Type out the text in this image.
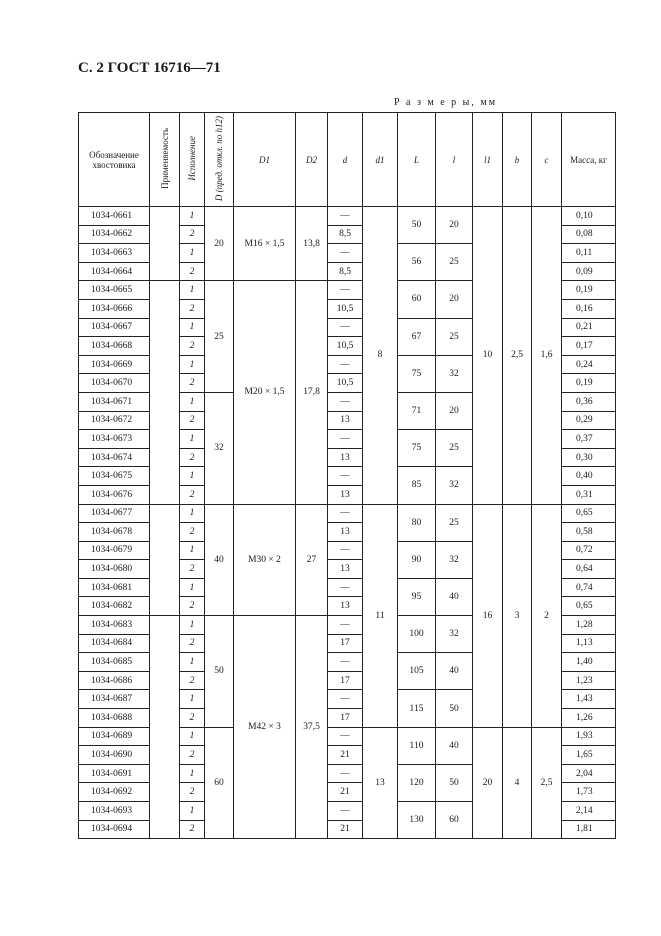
С. 2 ГОСТ 16716—71
Р а з м е р ы, мм
Обозначение хвостовика	Применяемость	Исполнение	D (пред. откл. по h12)	D1	D2	d	d1	L	l	l1	b	c	Масса, кг
1034-0661		1	20	M16 × 1,5	13,8	—	8	50	20	10	2,5	1,6	0,10
1034-0662		2				8,5							0,08
1034-0663		1				—		56	25				0,11
1034-0664		2				8,5							0,09
1034-0665		1	25	M20 × 1,5	17,8	—		60	20				0,19
1034-0666		2				10,5							0,16
1034-0667		1				—		67	25				0,21
1034-0668		2				10,5							0,17
1034-0669		1				—		75	32				0,24
1034-0670		2				10,5							0,19
1034-0671		1	32			—		71	20				0,36
1034-0672		2				13							0,29
1034-0673		1				—		75	25				0,37
1034-0674		2				13							0,30
1034-0675		1				—		85	32				0,40
1034-0676		2				13							0,31
1034-0677		1	40	M30 × 2	27	—	11	80	25	16	3	2	0,65
1034-0678		2				13							0,58
1034-0679		1				—		90	32				0,72
1034-0680		2				13							0,64
1034-0681		1				—		95	40				0,74
1034-0682		2				13							0,65
1034-0683		1	50	M42 × 3	37,5	—		100	32				1,28
1034-0684		2				17							1,13
1034-0685		1				—		105	40				1,40
1034-0686		2				17							1,23
1034-0687		1				—		115	50				1,43
1034-0688		2				17							1,26
1034-0689		1	60			—	13	110	40	20	4	2,5	1,93
1034-0690		2				21							1,65
1034-0691		1				—		120	50				2,04
1034-0692		2				21							1,73
1034-0693		1				—		130	60				2,14
1034-0694		2				21							1,81
